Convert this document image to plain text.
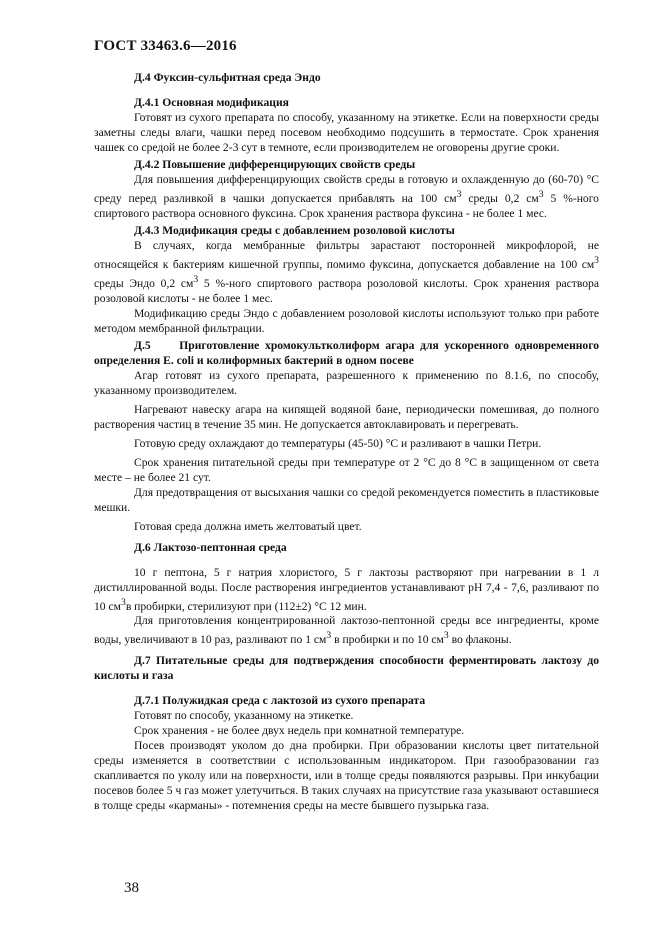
ГОСТ 33463.6—2016
Д.4 Фуксин-сульфитная среда Эндо
Д.4.1 Основная модификация
Готовят из сухого препарата по способу, указанному на этикетке. Если на поверхности среды заметны следы влаги, чашки перед посевом необходимо подсушить в термостате. Срок хранения чашек со средой не более 2-3 сут в темноте, если производителем не оговорены другие сроки.
Д.4.2 Повышение дифференцирующих свойств среды
Для повышения дифференцирующих свойств среды в готовую и охлажденную до (60-70) °С среду перед разливкой в чашки допускается прибавлять на 100 $см^3$ среды 0,2 $см^3$ 5 %-ного спиртового раствора основного фуксина. Срок хранения раствора фуксина - не более 1 мес.
Д.4.3 Модификация среды с добавлением розоловой кислоты
В случаях, когда мембранные фильтры зарастают посторонней микрофлорой, не относящейся к бактериям кишечной группы, помимо фуксина, допускается добавление на 100 $см^3$ среды Эндо 0,2 $см^3$ 5 %-ного спиртового раствора розоловой кислоты. Срок хранения раствора розоловой кислоты - не более 1 мес.
Модификацию среды Эндо с добавлением розоловой кислоты используют только при работе методом мембранной фильтрации.
Д.5     Приготовление хромокультколиформ агара для ускоренного одновременного определения E. coli и колиформных бактерий в одном посеве
Агар готовят из сухого препарата, разрешенного к применению по 8.1.6, по способу, указанному производителем.
Нагревают навеску агара на кипящей водяной бане, периодически помешивая, до полного растворения частиц в течение 35 мин. Не допускается автоклавировать и перегревать.
Готовую среду охлаждают до температуры (45-50) °С и разливают в чашки Петри.
Срок хранения питательной среды при температуре от 2 °С до 8 °С в защищенном от света месте – не более 21 сут.
Для предотвращения от высыхания чашки со средой рекомендуется поместить в пластиковые мешки.
Готовая среда должна иметь желтоватый цвет.
Д.6 Лактозо-пептонная среда
10 г пептона, 5 г натрия хлористого, 5 г лактозы растворяют при нагревании в 1 л дистиллированной воды. После растворения ингредиентов устанавливают pH 7,4 - 7,6, разливают по 10 $см^3в$ пробирки, стерилизуют при (112±2) °С 12 мин.
Для приготовления концентрированной лактозо-пептонной среды все ингредиенты, кроме воды, увеличивают в 10 раз, разливают по 1 $см^3$ в пробирки и по 10 $см^3$ во флаконы.
Д.7 Питательные среды для подтверждения способности ферментировать лактозу до кислоты и газа
Д.7.1 Полужидкая среда с лактозой из сухого препарата
Готовят по способу, указанному на этикетке.
Срок хранения - не более двух недель при комнатной температуре.
Посев производят уколом до дна пробирки. При образовании кислоты цвет питательной среды изменяется в соответствии с использованным индикатором. При газообразовании газ скапливается по уколу или на поверхности, или в толще среды появляются разрывы. При инкубации посевов более 5 ч газ может улетучиться. В таких случаях на присутствие газа указывают оставшиеся в толще среды «карманы» - потемнения среды на месте бывшего пузырька газа.
38
